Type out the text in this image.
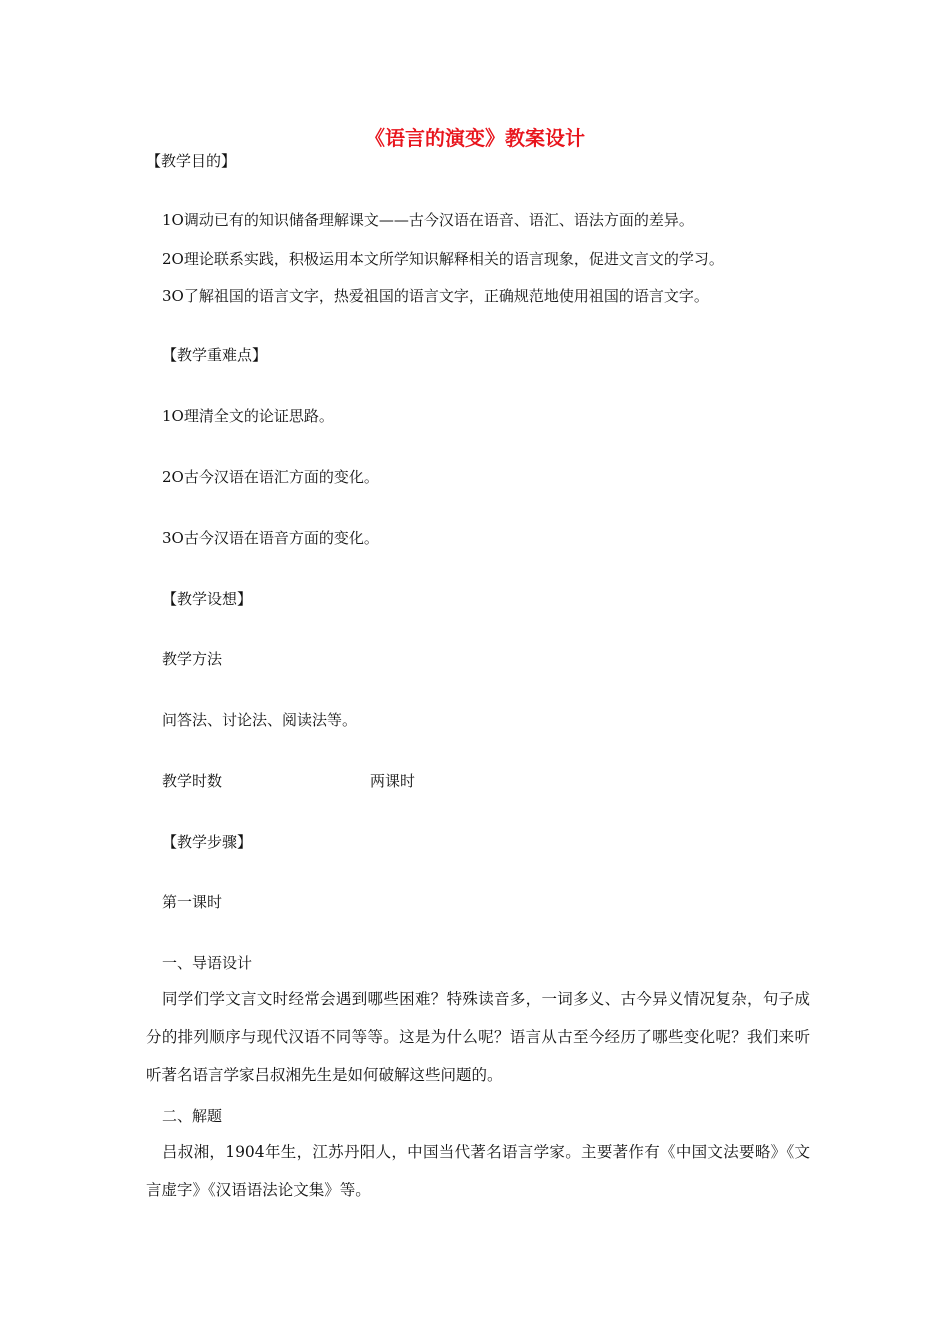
《语言的演变》教案设计
【教学目的】
1O调动已有的知识储备理解课文——古今汉语在语音、语汇、语法方面的差异。
2O理论联系实践，积极运用本文所学知识解释相关的语言现象，促进文言文的学习。
3O了解祖国的语言文字，热爱祖国的语言文字，正确规范地使用祖国的语言文字。
【教学重难点】
1O理清全文的论证思路。
2O古今汉语在语汇方面的变化。
3O古今汉语在语音方面的变化。
【教学设想】
教学方法
问答法、讨论法、阅读法等。
教学时数	两课时
【教学步骤】
第一课时
一、导语设计
同学们学文言文时经常会遇到哪些困难？特殊读音多，一词多义、古今异义情况复杂，句子成分的排列顺序与现代汉语不同等等。这是为什么呢？语言从古至今经历了哪些变化呢？我们来听听著名语言学家吕叔湘先生是如何破解这些问题的。
二、解题
吕叔湘，1904年生，江苏丹阳人，中国当代著名语言学家。主要著作有《中国文法要略》《文言虚字》《汉语语法论文集》等。
